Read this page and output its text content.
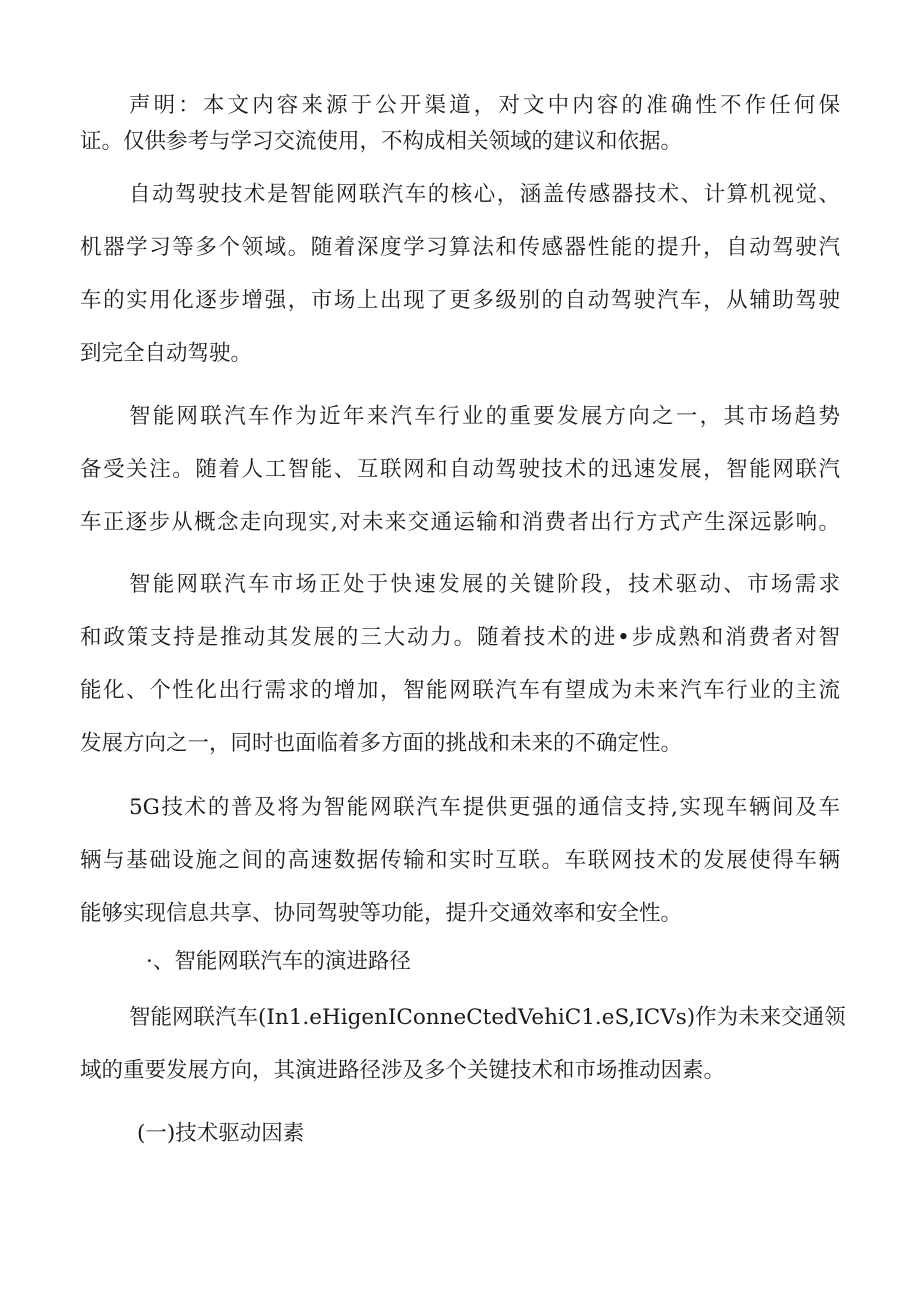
声明：本文内容来源于公开渠道，对文中内容的准确性不作任何保
证。仅供参考与学习交流使用，不构成相关领域的建议和依据。
自动驾驶技术是智能网联汽车的核心，涵盖传感器技术、计算机视觉、
机器学习等多个领域。随着深度学习算法和传感器性能的提升，自动驾驶汽
车的实用化逐步增强，市场上出现了更多级别的自动驾驶汽车，从辅助驾驶
到完全自动驾驶。
智能网联汽车作为近年来汽车行业的重要发展方向之一，其市场趋势
备受关注。随着人工智能、互联网和自动驾驶技术的迅速发展，智能网联汽
车正逐步从概念走向现实,对未来交通运输和消费者出行方式产生深远影响。
智能网联汽车市场正处于快速发展的关键阶段，技术驱动、市场需求
和政策支持是推动其发展的三大动力。随着技术的进•步成熟和消费者对智
能化、个性化出行需求的增加，智能网联汽车有望成为未来汽车行业的主流
发展方向之一，同时也面临着多方面的挑战和未来的不确定性。
5G技术的普及将为智能网联汽车提供更强的通信支持,实现车辆间及车
辆与基础设施之间的高速数据传输和实时互联。车联网技术的发展使得车辆
能够实现信息共享、协同驾驶等功能，提升交通效率和安全性。
·、智能网联汽车的演进路径
智能网联汽车(In1.eHigenIConneCtedVehiC1.eS,ICVs)作为未来交通领
域的重要发展方向，其演进路径涉及多个关键技术和市场推动因素。
(一)技术驱动因素
